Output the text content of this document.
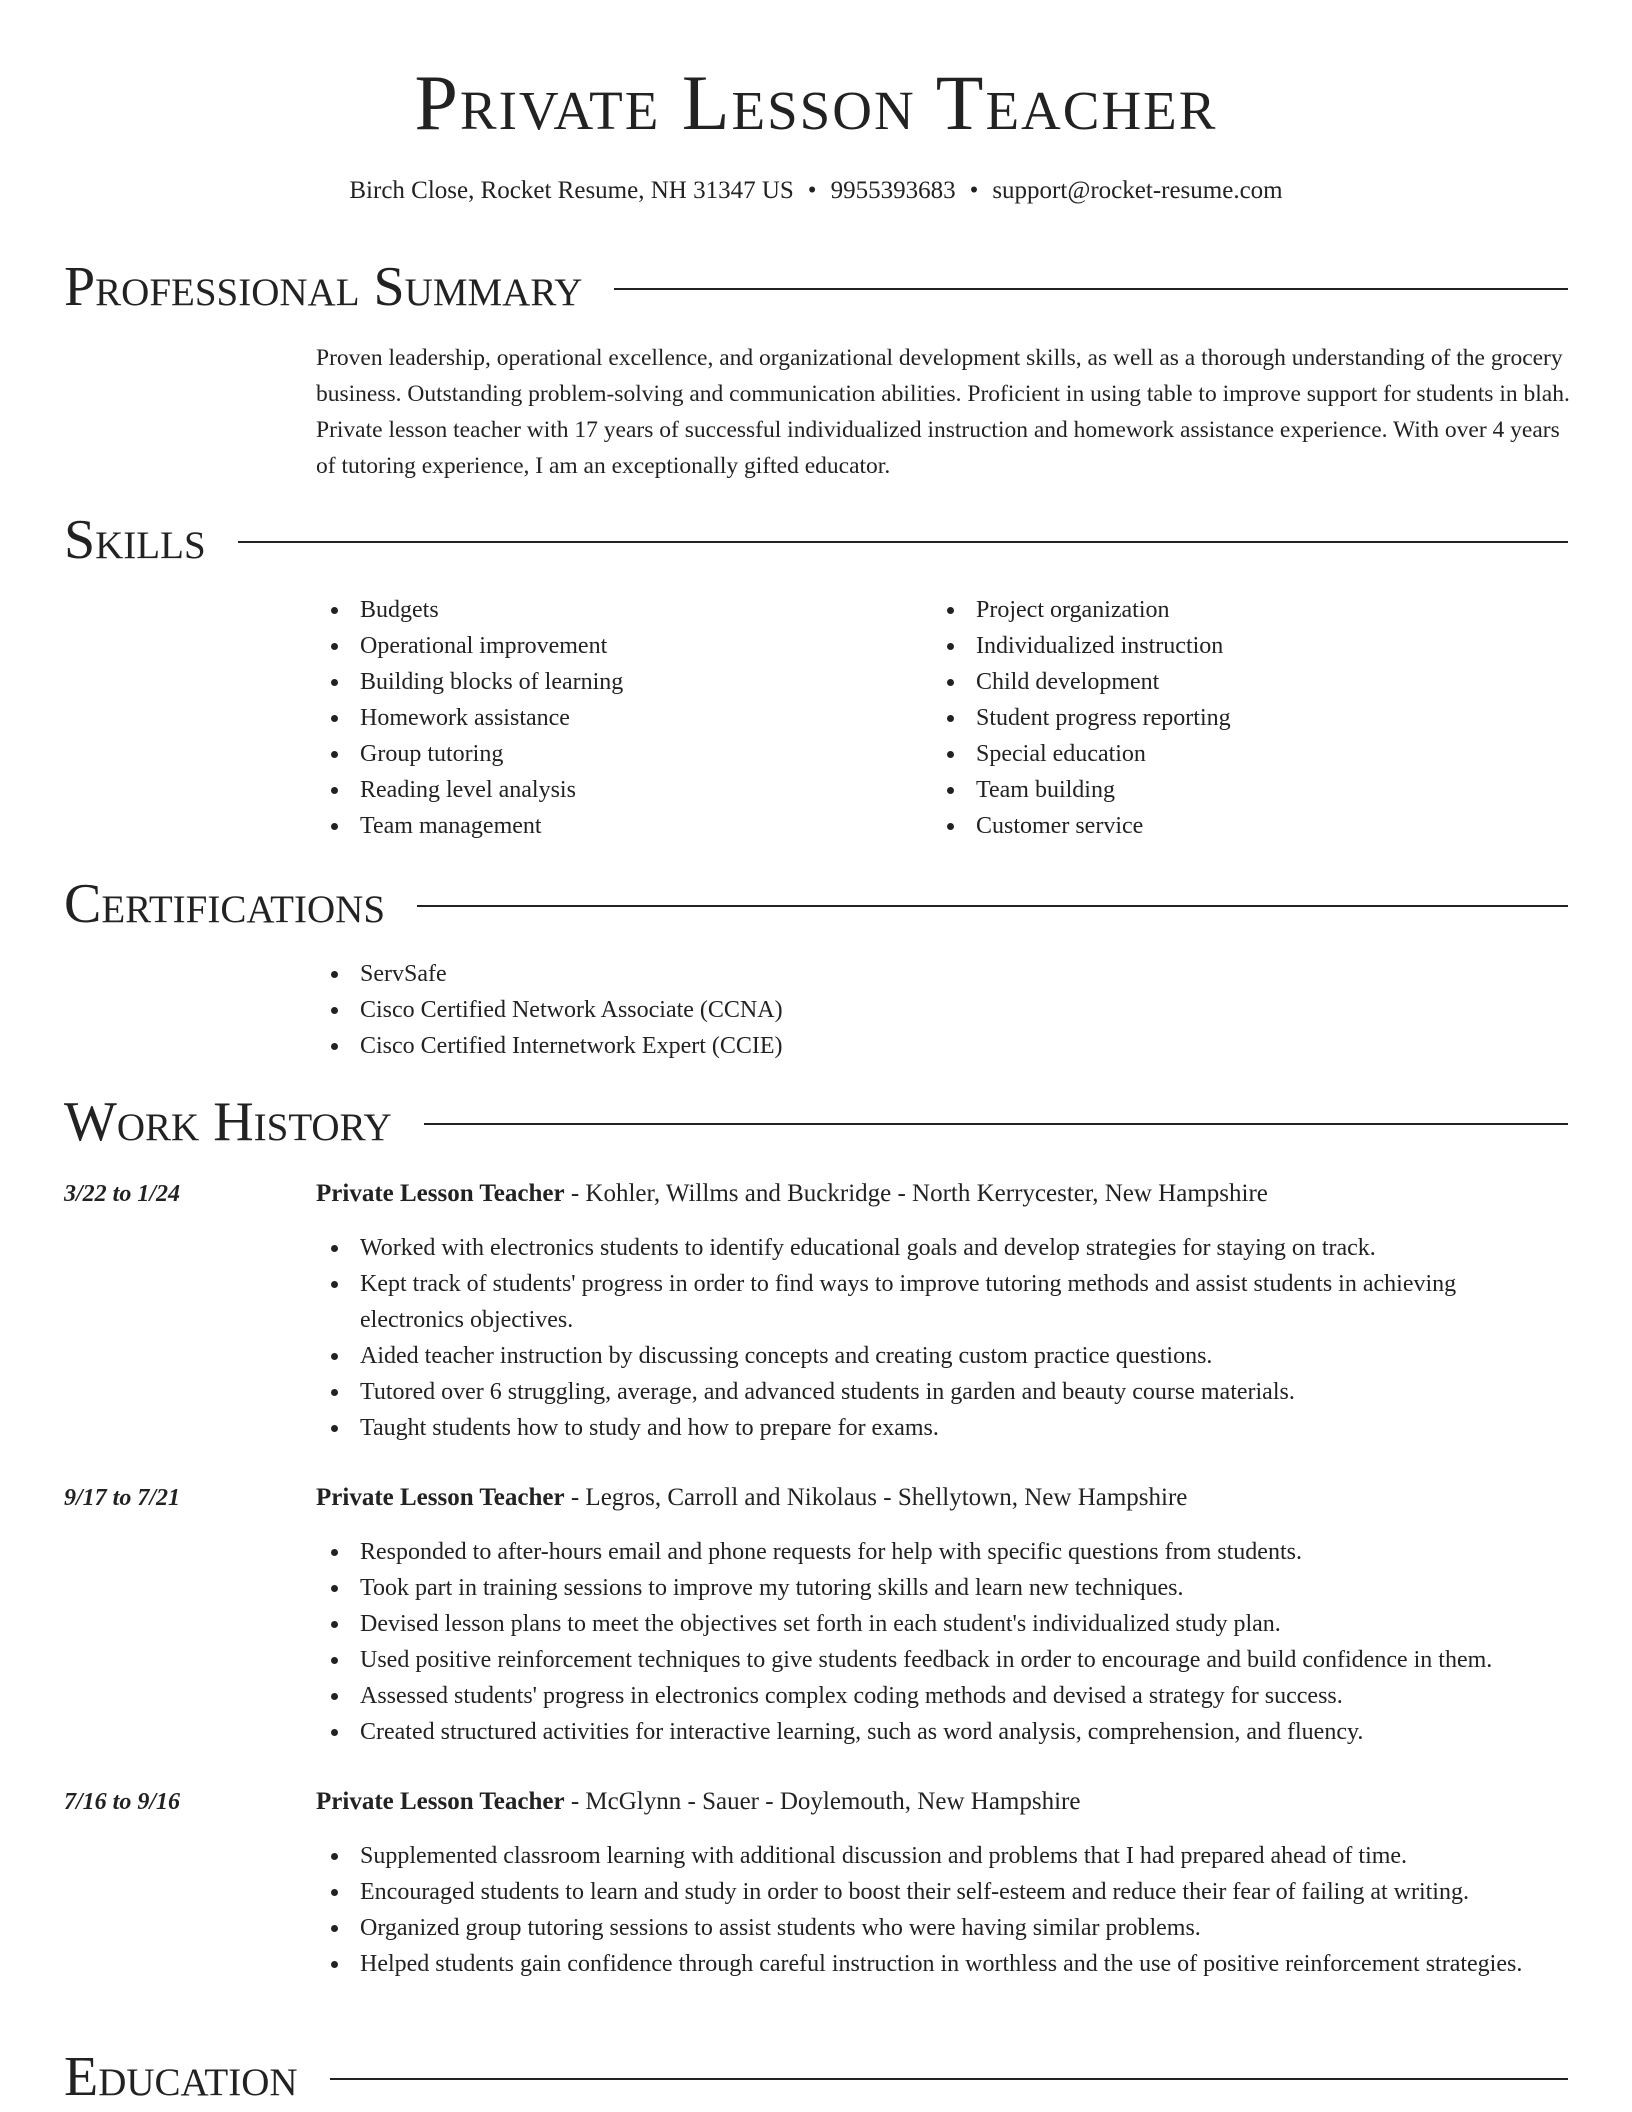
Private Lesson Teacher
Birch Close, Rocket Resume, NH 31347 US • 9955393683 • support@rocket-resume.com
Professional Summary

Proven leadership, operational excellence, and organizational development skills, as well as a thorough understanding of the grocery business. Outstanding problem-solving and communication abilities. Proficient in using table to improve support for students in blah. Private lesson teacher with 17 years of successful individualized instruction and homework assistance experience. With over 4 years of tutoring experience, I am an exceptionally gifted educator.

Skills
Budgets
Operational improvement
Building blocks of learning
Homework assistance
Group tutoring
Reading level analysis
Team management
Project organization
Individualized instruction
Child development
Student progress reporting
Special education
Team building
Customer service
Certifications
ServSafe
Cisco Certified Network Associate (CCNA)
Cisco Certified Internetwork Expert (CCIE)
Work History
3/22 to 1/24	Private Lesson Teacher - Kohler, Willms and Buckridge - North Kerrycester, New Hampshire
Worked with electronics students to identify educational goals and develop strategies for staying on track.
Kept track of students' progress in order to find ways to improve tutoring methods and assist students in achieving electronics objectives.
Aided teacher instruction by discussing concepts and creating custom practice questions.
Tutored over 6 struggling, average, and advanced students in garden and beauty course materials.
Taught students how to study and how to prepare for exams.
9/17 to 7/21	Private Lesson Teacher - Legros, Carroll and Nikolaus - Shellytown, New Hampshire
Responded to after-hours email and phone requests for help with specific questions from students.
Took part in training sessions to improve my tutoring skills and learn new techniques.
Devised lesson plans to meet the objectives set forth in each student's individualized study plan.
Used positive reinforcement techniques to give students feedback in order to encourage and build confidence in them.
Assessed students' progress in electronics complex coding methods and devised a strategy for success.
Created structured activities for interactive learning, such as word analysis, comprehension, and fluency.
7/16 to 9/16	Private Lesson Teacher - McGlynn - Sauer - Doylemouth, New Hampshire
Supplemented classroom learning with additional discussion and problems that I had prepared ahead of time.
Encouraged students to learn and study in order to boost their self-esteem and reduce their fear of failing at writing.
Organized group tutoring sessions to assist students who were having similar problems.
Helped students gain confidence through careful instruction in worthless and the use of positive reinforcement strategies.
Education
